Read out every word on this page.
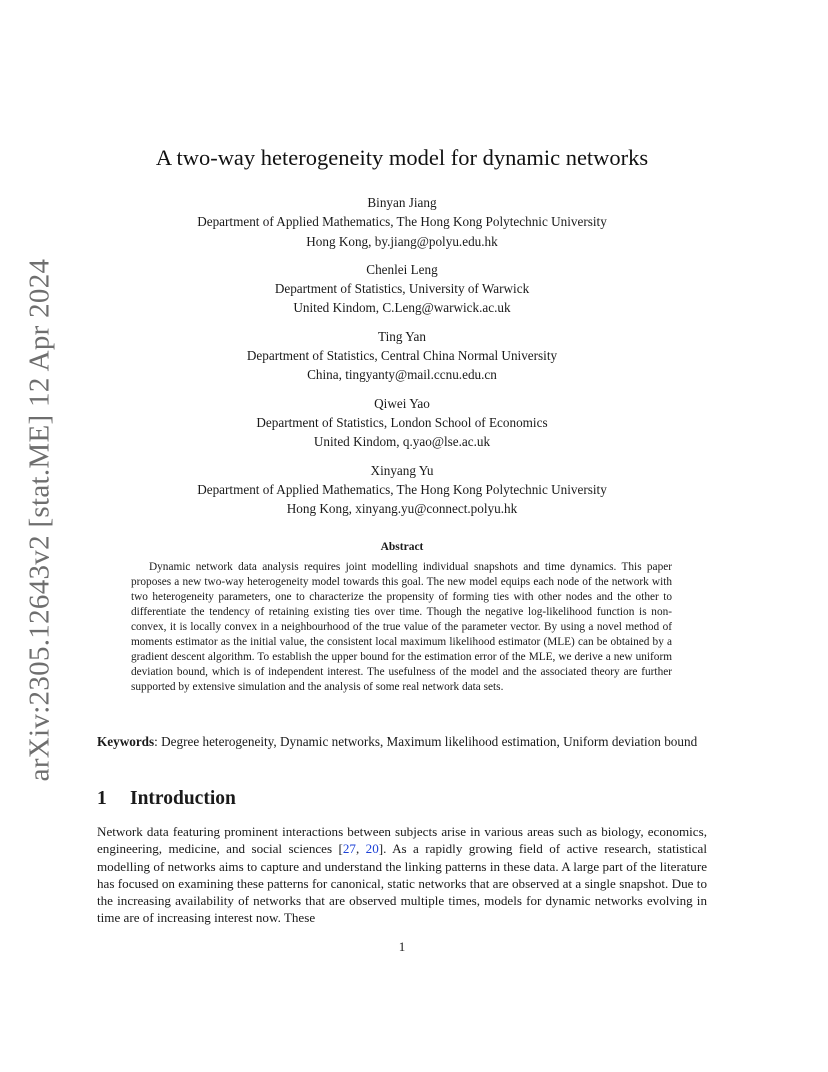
arXiv:2305.12643v2 [stat.ME] 12 Apr 2024
A two-way heterogeneity model for dynamic networks
Binyan Jiang
Department of Applied Mathematics, The Hong Kong Polytechnic University
Hong Kong, by.jiang@polyu.edu.hk
Chenlei Leng
Department of Statistics, University of Warwick
United Kindom, C.Leng@warwick.ac.uk
Ting Yan
Department of Statistics, Central China Normal University
China, tingyanty@mail.ccnu.edu.cn
Qiwei Yao
Department of Statistics, London School of Economics
United Kindom, q.yao@lse.ac.uk
Xinyang Yu
Department of Applied Mathematics, The Hong Kong Polytechnic University
Hong Kong, xinyang.yu@connect.polyu.hk
Abstract
Dynamic network data analysis requires joint modelling individual snapshots and time dynamics. This paper proposes a new two-way heterogeneity model towards this goal. The new model equips each node of the network with two heterogeneity parameters, one to characterize the propensity of forming ties with other nodes and the other to differentiate the tendency of retaining existing ties over time. Though the negative log-likelihood function is non-convex, it is locally convex in a neighbourhood of the true value of the parameter vector. By using a novel method of moments estimator as the initial value, the consistent local maximum likelihood estimator (MLE) can be obtained by a gradient descent algorithm. To establish the upper bound for the estimation error of the MLE, we derive a new uniform deviation bound, which is of independent interest. The usefulness of the model and the associated theory are further supported by extensive simulation and the analysis of some real network data sets.
Keywords: Degree heterogeneity, Dynamic networks, Maximum likelihood estimation, Uniform deviation bound
1 Introduction
Network data featuring prominent interactions between subjects arise in various areas such as biology, economics, engineering, medicine, and social sciences [27, 20]. As a rapidly growing field of active research, statistical modelling of networks aims to capture and understand the linking patterns in these data. A large part of the literature has focused on examining these patterns for canonical, static networks that are observed at a single snapshot. Due to the increasing availability of networks that are observed multiple times, models for dynamic networks evolving in time are of increasing interest now. These
1
